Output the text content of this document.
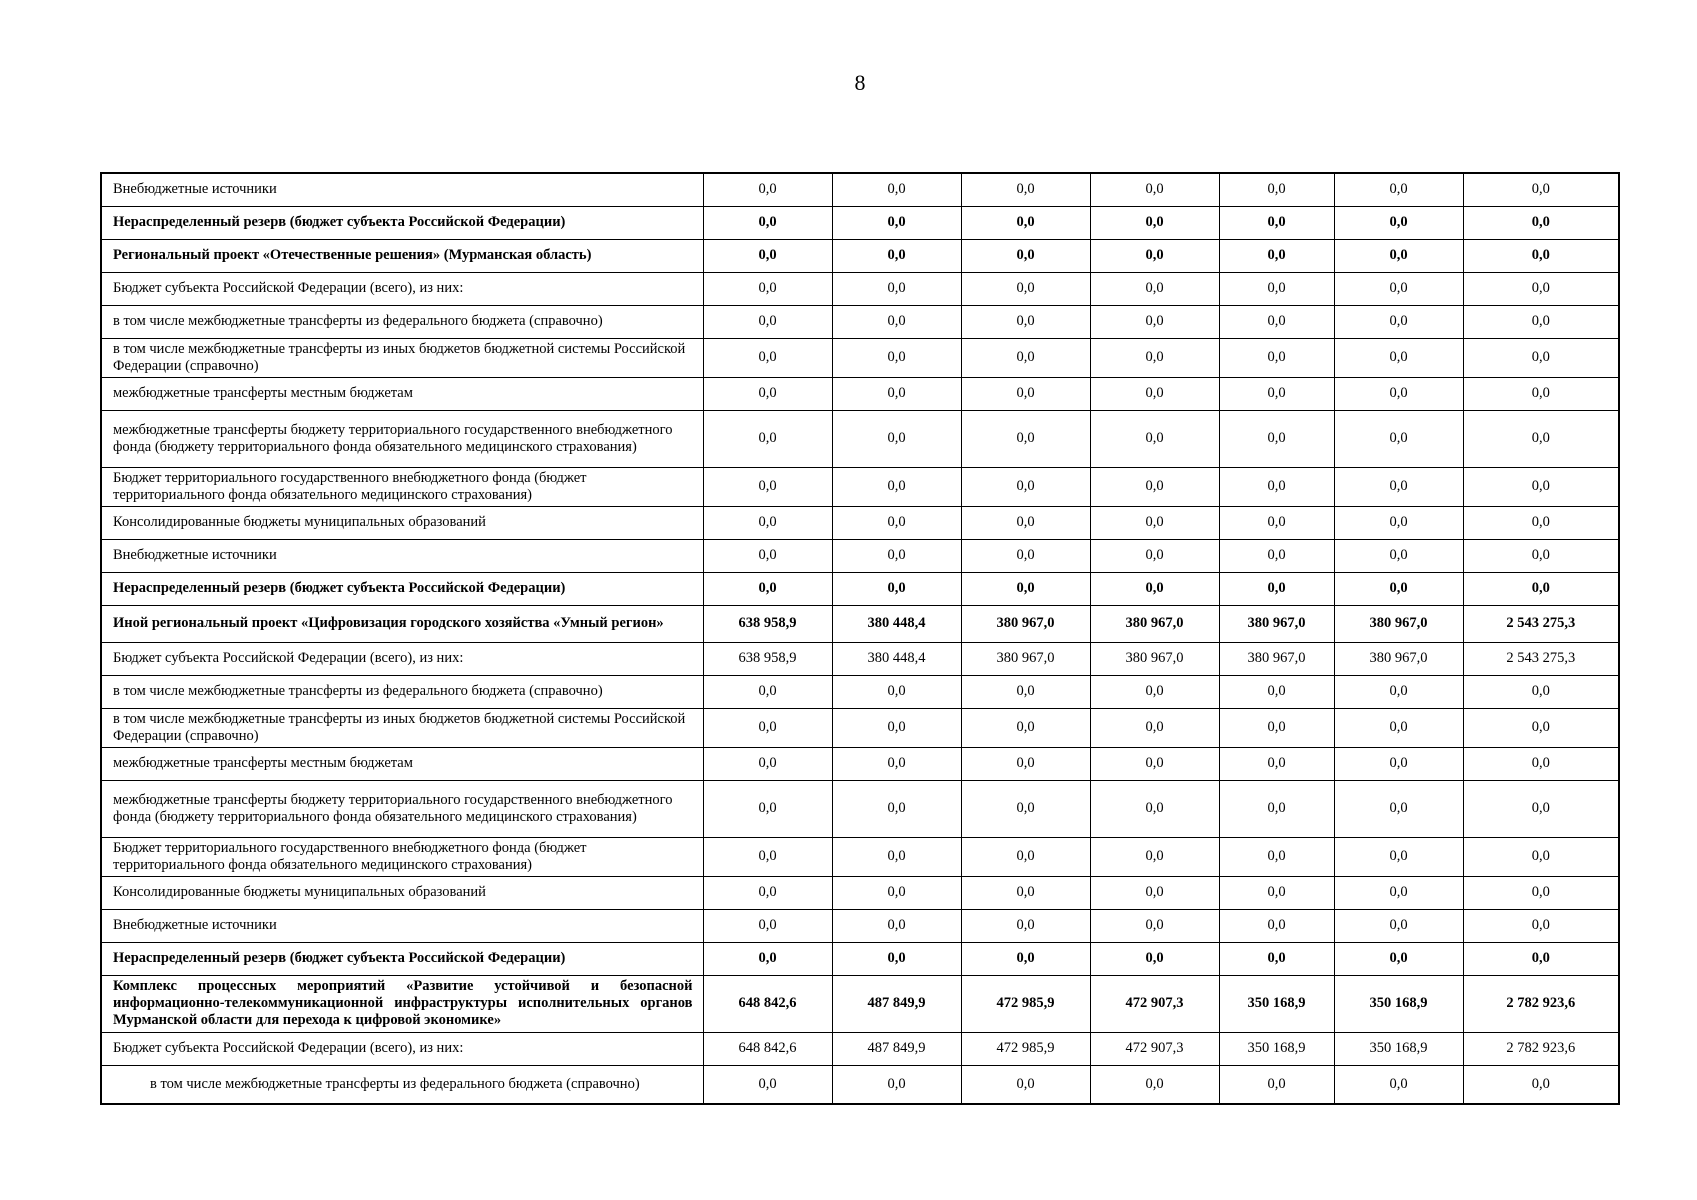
8
Внебюджетные источники	0,0	0,0	0,0	0,0	0,0	0,0	0,0
Нераспределенный резерв (бюджет субъекта Российской Федерации)	0,0	0,0	0,0	0,0	0,0	0,0	0,0
Региональный проект «Отечественные решения» (Мурманская область)	0,0	0,0	0,0	0,0	0,0	0,0	0,0
Бюджет субъекта Российской Федерации (всего), из них:	0,0	0,0	0,0	0,0	0,0	0,0	0,0
в том числе межбюджетные трансферты из федерального бюджета (справочно)	0,0	0,0	0,0	0,0	0,0	0,0	0,0
в том числе межбюджетные трансферты из иных бюджетов бюджетной системы Российской Федерации (справочно)	0,0	0,0	0,0	0,0	0,0	0,0	0,0
межбюджетные трансферты местным бюджетам	0,0	0,0	0,0	0,0	0,0	0,0	0,0
межбюджетные трансферты бюджету территориального государственного внебюджетного фонда (бюджету территориального фонда обязательного медицинского страхования)	0,0	0,0	0,0	0,0	0,0	0,0	0,0
Бюджет территориального государственного внебюджетного фонда (бюджет территориального фонда обязательного медицинского страхования)	0,0	0,0	0,0	0,0	0,0	0,0	0,0
Консолидированные бюджеты муниципальных образований	0,0	0,0	0,0	0,0	0,0	0,0	0,0
Внебюджетные источники	0,0	0,0	0,0	0,0	0,0	0,0	0,0
Нераспределенный резерв (бюджет субъекта Российской Федерации)	0,0	0,0	0,0	0,0	0,0	0,0	0,0
Иной региональный проект «Цифровизация городского хозяйства «Умный регион»	638 958,9	380 448,4	380 967,0	380 967,0	380 967,0	380 967,0	2 543 275,3
Бюджет субъекта Российской Федерации (всего), из них:	638 958,9	380 448,4	380 967,0	380 967,0	380 967,0	380 967,0	2 543 275,3
в том числе межбюджетные трансферты из федерального бюджета (справочно)	0,0	0,0	0,0	0,0	0,0	0,0	0,0
в том числе межбюджетные трансферты из иных бюджетов бюджетной системы Российской Федерации (справочно)	0,0	0,0	0,0	0,0	0,0	0,0	0,0
межбюджетные трансферты местным бюджетам	0,0	0,0	0,0	0,0	0,0	0,0	0,0
межбюджетные трансферты бюджету территориального государственного внебюджетного фонда (бюджету территориального фонда обязательного медицинского страхования)	0,0	0,0	0,0	0,0	0,0	0,0	0,0
Бюджет территориального государственного внебюджетного фонда (бюджет территориального фонда обязательного медицинского страхования)	0,0	0,0	0,0	0,0	0,0	0,0	0,0
Консолидированные бюджеты муниципальных образований	0,0	0,0	0,0	0,0	0,0	0,0	0,0
Внебюджетные источники	0,0	0,0	0,0	0,0	0,0	0,0	0,0
Нераспределенный резерв (бюджет субъекта Российской Федерации)	0,0	0,0	0,0	0,0	0,0	0,0	0,0
Комплекс процессных мероприятий «Развитие устойчивой и безопасной информационно-телекоммуникационной инфраструктуры исполнительных органов Мурманской области для перехода к цифровой экономике»	648 842,6	487 849,9	472 985,9	472 907,3	350 168,9	350 168,9	2 782 923,6
Бюджет субъекта Российской Федерации (всего), из них:	648 842,6	487 849,9	472 985,9	472 907,3	350 168,9	350 168,9	2 782 923,6
в том числе межбюджетные трансферты из федерального бюджета (справочно)	0,0	0,0	0,0	0,0	0,0	0,0	0,0
